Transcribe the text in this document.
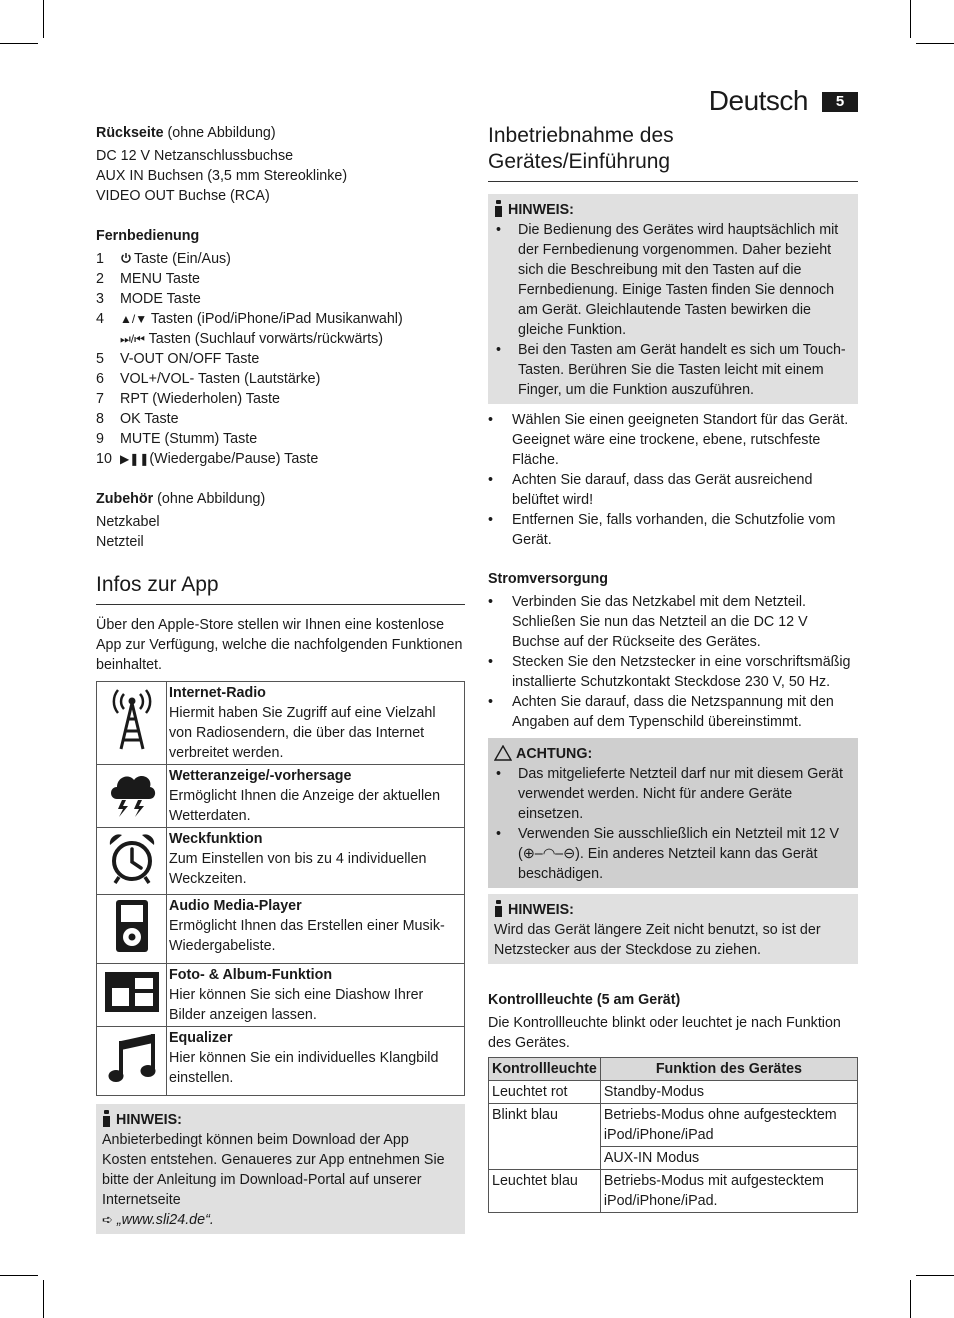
Deutsch	5

Rückseite (ohne Abbildung)

DC 12 V Netzanschlussbuchse

AUX IN Buchsen (3,5 mm Stereoklinke)

VIDEO OUT Buchse (RCA)

Fernbedienung

1	Taste (Ein/Aus)
2	MENU Taste
3	MODE Taste
4	▲/▼ Tasten (iPod/iPhone/iPad Musikanwahl)
⏭/⏮ Tasten (Suchlauf vorwärts/rückwärts)
5	V-OUT ON/OFF Taste
6	VOL+/VOL- Tasten (Lautstärke)
7	RPT (Wiederholen) Taste
8	OK Taste
9	MUTE (Stumm) Taste
10 ▶❚❚(Wiedergabe/Pause) Taste

Zubehör (ohne Abbildung)

Netzkabel

Netzteil

Infos zur App

Über den Apple-Store stellen wir Ihnen eine kostenlose App zur Verfügung, welche die nachfolgenden Funktionen beinhaltet.

Internet-Radio

Hiermit haben Sie Zugriff auf eine Vielzahl von Radiosendern, die über das Internet verbreitet werden.

Wetteranzeige/-vorhersage

Ermöglicht Ihnen die Anzeige der aktuellen Wetterdaten.

Weckfunktion

Zum Einstellen von bis zu 4 individuellen Weckzeiten.

Audio Media-Player

Ermöglicht Ihnen das Erstellen einer Musik-Wiedergabeliste.

Foto- & Album-Funktion

Hier können Sie sich eine Diashow Ihrer Bilder anzeigen lassen.

Equalizer

Hier können Sie ein individuelles Klangbild einstellen.

HINWEIS:

Anbieterbedingt können beim Download der App Kosten entstehen. Genaueres zur App entnehmen Sie bitte der Anleitung im Download-Portal auf unserer Internetseite

➪ „www.sli24.de“.

Inbetriebnahme des Gerätes/Einführung

HINWEIS:

•	Die Bedienung des Gerätes wird hauptsächlich mit der Fernbedienung vorgenommen. Daher bezieht sich die Beschreibung mit den Tasten auf die Fernbedienung. Einige Tasten finden Sie dennoch am Gerät. Gleichlautende Tasten bewirken die gleiche Funktion.
•	Bei den Tasten am Gerät handelt es sich um Touch-Tasten. Berühren Sie die Tasten leicht mit einem Finger, um die Funktion auszuführen.
•	Wählen Sie einen geeigneten Standort für das Gerät. Geeignet wäre eine trockene, ebene, rutschfeste Fläche.
•	Achten Sie darauf, dass das Gerät ausreichend belüftet wird!
•	Entfernen Sie, falls vorhanden, die Schutzfolie vom Gerät.

Stromversorgung

•	Verbinden Sie das Netzkabel mit dem Netzteil. Schließen Sie nun das Netzteil an die DC 12 V Buchse auf der Rückseite des Gerätes.
•	Stecken Sie den Netzstecker in eine vorschriftsmäßig installierte Schutzkontakt Steckdose 230 V, 50 Hz.
•	Achten Sie darauf, dass die Netzspannung mit den Angaben auf dem Typenschild übereinstimmt.

ACHTUNG:

•	Das mitgelieferte Netzteil darf nur mit diesem Gerät verwendet werden. Nicht für andere Geräte einsetzen.
•	Verwenden Sie ausschließlich ein Netzteil mit 12 V
(⊕–◠–⊖). Ein anderes Netzteil kann das Gerät beschädigen.

HINWEIS:

Wird das Gerät längere Zeit nicht benutzt, so ist der Netzstecker aus der Steckdose zu ziehen.

Kontrollleuchte (5 am Gerät)

Die Kontrollleuchte blinkt oder leuchtet je nach Funktion des Gerätes.

Kontrollleuchte	Funktion des Gerätes
Leuchtet rot	Standby-Modus
Blinkt blau	Betriebs-Modus ohne aufgestecktem iPod/iPhone/iPad
	AUX-IN Modus
Leuchtet blau	Betriebs-Modus mit aufgestecktem iPod/iPhone/iPad.
